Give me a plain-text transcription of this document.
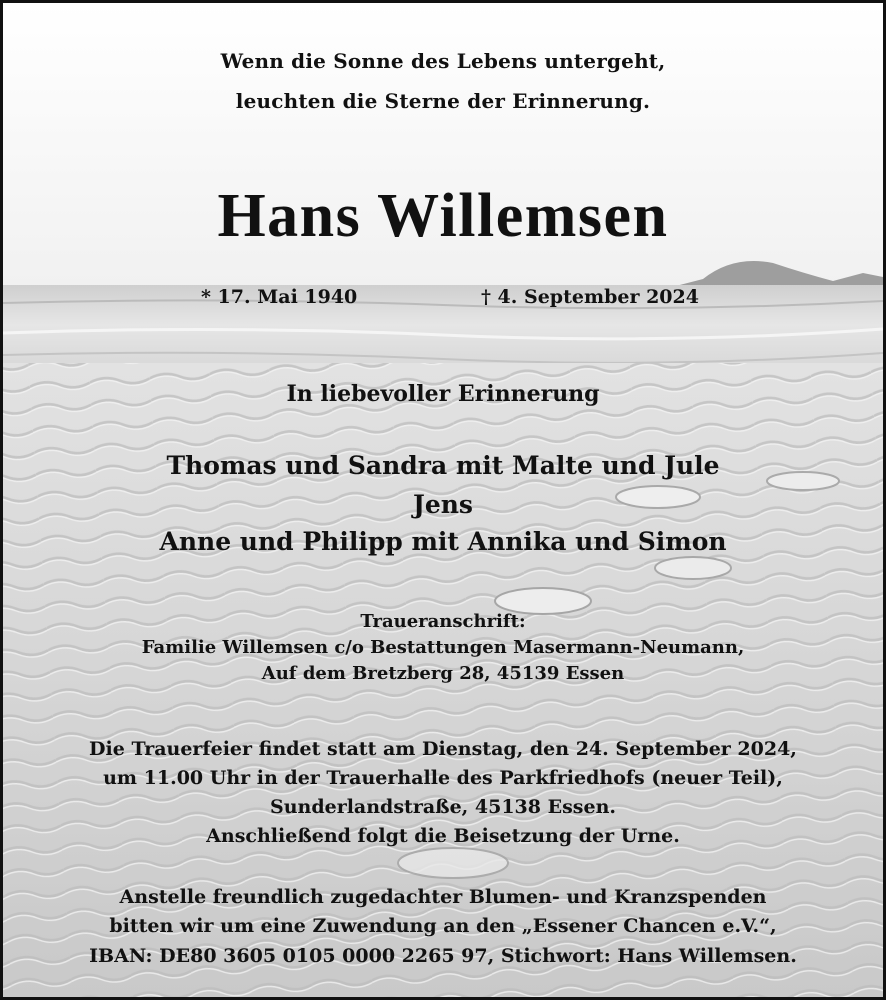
Wenn die Sonne des Lebens untergeht,
leuchten die Sterne der Erinnerung.
Hans Willemsen
* 17. Mai 1940	† 4. September 2024
In liebevoller Erinnerung
Thomas und Sandra mit Malte und Jule
Jens
Anne und Philipp mit Annika und Simon
Traueranschrift:
Familie Willemsen c/o Bestattungen Masermann-Neumann,
Auf dem Bretzberg 28, 45139 Essen
Die Trauerfeier findet statt am Dienstag, den 24. September 2024,
um 11.00 Uhr in der Trauerhalle des Parkfriedhofs (neuer Teil),
Sunderlandstraße, 45138 Essen.
Anschließend folgt die Beisetzung der Urne.
Anstelle freundlich zugedachter Blumen- und Kranzspenden
bitten wir um eine Zuwendung an den „Essener Chancen e.V.“,
IBAN: DE80 3605 0105 0000 2265 97, Stichwort: Hans Willemsen.
